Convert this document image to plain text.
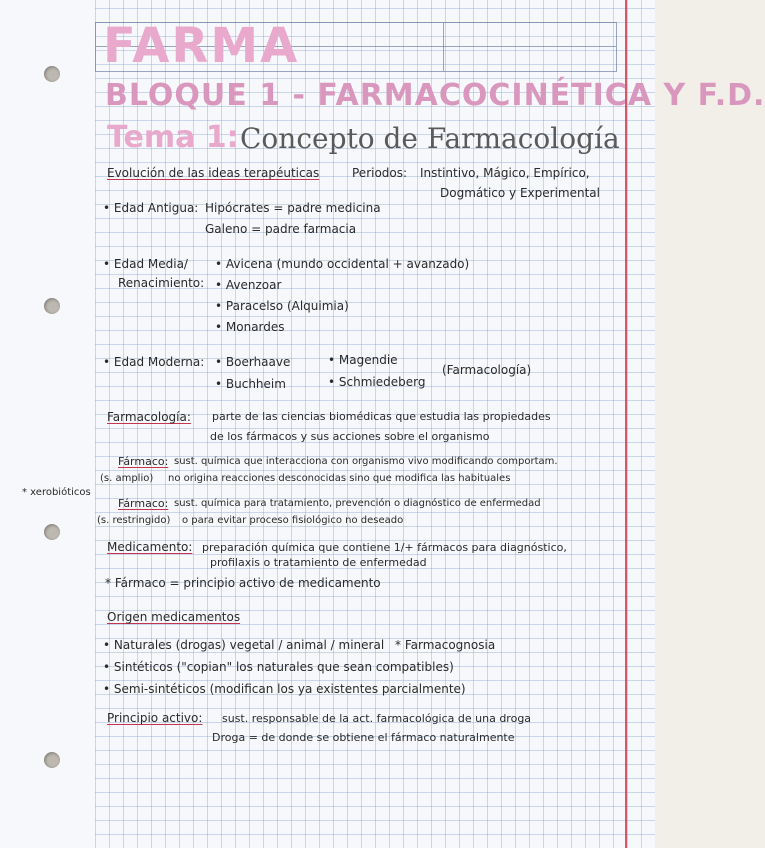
FARMA
BLOQUE 1 - FARMACOCINÉTICA Y F.D.
Tema 1: Concepto de Farmacología
Evolución de las ideas terapéuticas	Periodos: Instintivo, Mágico, Empírico,
Dogmático y Experimental
• Edad Antigua: Hipócrates = padre medicina
Galeno = padre farmacia
• Edad Media/
Renacimiento:
• Avicena (mundo occidental + avanzado)
• Avenzoar
• Paracelso (Alquimia)
• Monardes
• Edad Moderna: • Boerhaave
• Buchheim
• Magendie
• Schmiedeberg
(Farmacología)
Farmacología: parte de las ciencias biomédicas que estudia las propiedades
de los fármacos y sus acciones sobre el organismo
Fármaco: sust. química que interacciona con organismo vivo modificando comportam.
(s. amplio) no origina reacciones desconocidas sino que modifica las habituales
* xerobióticos
Fármaco: sust. química para tratamiento, prevención o diagnóstico de enfermedad
(s. restringido) o para evitar proceso fisiológico no deseado
Medicamento: preparación química que contiene 1/+ fármacos para diagnóstico,
profilaxis o tratamiento de enfermedad
* Fármaco = principio activo de medicamento
Origen medicamentos
• Naturales (drogas) vegetal / animal / mineral * Farmacognosia
• Sintéticos ("copian" los naturales que sean compatibles)
• Semi-sintéticos (modifican los ya existentes parcialmente)
Principio activo: sust. responsable de la act. farmacológica de una droga
Droga = de donde se obtiene el fármaco naturalmente
